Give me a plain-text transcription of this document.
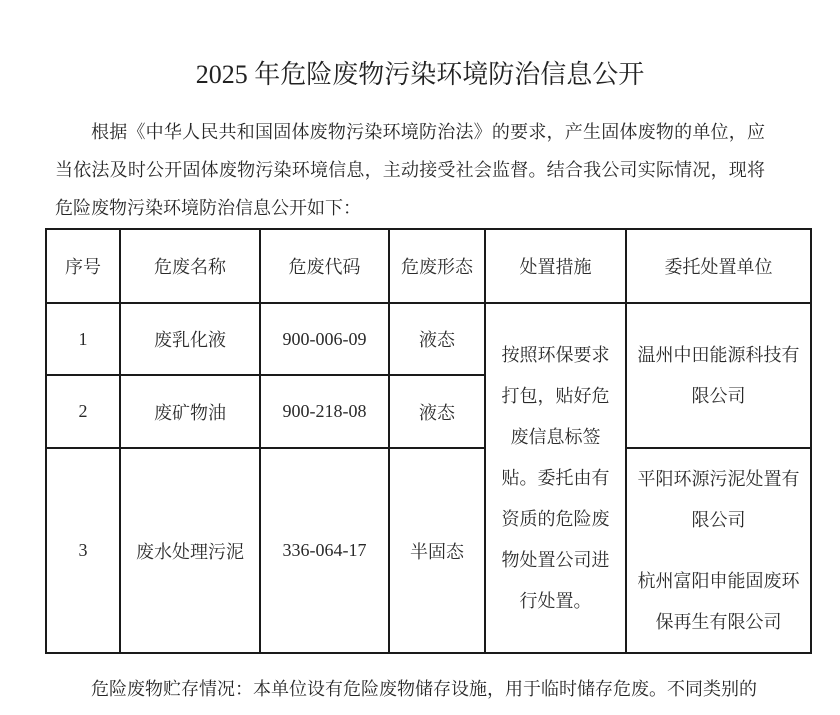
2025 年危险废物污染环境防治信息公开

根据《中华人民共和国固体废物污染环境防治法》的要求，产生固体废物的单位，应当依法及时公开固体废物污染环境信息，主动接受社会监督。结合我公司实际情况，现将危险废物污染环境防治信息公开如下：

序号	危废名称	危废代码	危废形态	处置措施	委托处置单位
1	废乳化液	900-006-09	液态	按照环保要求打包，贴好危废信息标签贴。委托由有资质的危险废物处置公司进行处置。	温州中田能源科技有限公司
2	废矿物油	900-218-08	液态		
3	废水处理污泥	336-064-17	半固态		平阳环源污泥处置有限公司
杭州富阳申能固废环保再生有限公司

危险废物贮存情况：本单位设有危险废物储存设施，用于临时储存危废。不同类别的
